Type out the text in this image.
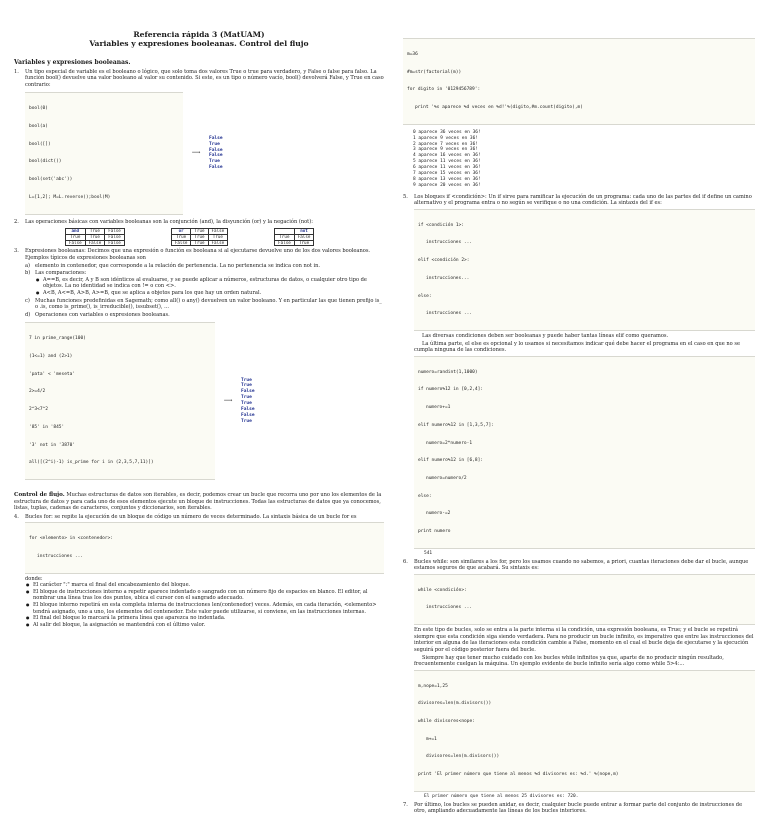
Referencia rápida 3 (MatUAM)
Variables y expresiones booleanas. Control del flujo
Variables y expresiones booleanas.
1. Un tipo especial de variable es el booleano o lógico, que solo toma dos valores True o true para verdadero, y False o false para falso. La función bool() devuelve una valor booleano al valor su contenido. Si este, es un tipo o número vacío, bool() devolverá False, y True en caso contrario:

bool(0)

bool(a)

bool([])

bool(dict())

bool(set('abc'))

L=[1,2]; M=L.reverse();bool(M)

⟶
False
True
False
False
True
False
2. Las operaciones básicas con variables booleanas son la conjunción (and), la disyunción (or) y la negación (not):
and	True	False
True	True	False
False	False	False
or	True	False
True	True	True
False	True	False
	not
True	False
False	True
3. Expresiones booleanas: Decimos que una expresión o función es booleana si al ejecutarse devuelve uno de los dos valores booleanos. Ejemplos típicos de expresiones booleanas son
a) elemento in contenedor, que corresponde a la relación de pertenencia. La no pertenencia se indica con not in.
b) Las comparaciones:
● A==B, es decir, A y B son idénticos al evaluarse, y se puede aplicar a números, estructuras de datos, o cualquier otro tipo de objetos. La no identidad se indica con != o con <>.
● A<B, A<=B, A>B, A>=B, que se aplica a objetos para los que hay un orden natural.
c) Muchas funciones predefinidas en Sagemath; como all() o any() devuelven un valor booleano. Y en particular las que tienen prefijo is_ o .is, como is_prime(), is_irreducible(), issubset(), ...
d) Operaciones con variables o expresiones booleanas.

7 in prime_range(100)

(1<=1) and (2>1)

'pata' < 'meseta'

2>=4/2

2^3<7^2

'85' in '845'

'3' not in '3870'

all([(2^i)-1) is_prime for i in (2,3,5,7,11)])

⟶
True
True
False
True
True
False
False
True
Control de flujo. Muchas estructuras de datos son iterables, es decir, podemos crear un bucle que recorra uno por uno los elementos de la estructura de datos y para cada uno de esos elementos ejecute un bloque de instrucciones. Todas las estructuras de datos que ya conocemos, listas, tuplas, cadenas de caracteres, conjuntos y diccionarios, son iterables.
4. Bucles for: se repite la ejecución de un bloque de código un número de veces determinado. La sintaxis básica de un bucle for es

for <elemento> in <contenedor>:

instrucciones ...

donde:
● El carácter ":" marca el final del encabezamiento del bloque.
● El bloque de instrucciones interno a repetir aparece indentado o sangrado con un número fijo de espacios en blanco. El editor, al nombrar una línea tras los dos puntos, ubica el cursor con el sangrado adecuado.
● El bloque interno repetirá en esta completa interna de instrucciones len(contenedor) veces. Además, en cada iteración, <elemento> tendrá asignado, uno a uno, los elementos del contenedor. Este valor puede utilizarse, si conviene, en las instrucciones internas.
● El final del bloque lo marcará la primera línea que aparezca no indentada.
● Al salir del bloque, la asignación se mantendrá con el último valor.

m=36

#m=str(factorial(m))

for digito in '0129456789':

print '%s aparece %d veces en %d!'%(digito,#m.count(digito),m)

0 aparece 36 veces en 36!
1 aparece 9 veces en 36!
2 aparece 7 veces en 36!
3 aparece 9 veces en 36!
4 aparece 16 veces en 36!
5 aparece 11 veces en 36!
6 aparece 11 veces en 36!
7 aparece 15 veces en 36!
8 aparece 13 veces en 36!
9 aparece 20 veces en 36!
5. Los bloques if <condición>: Un if sirve para ramificar la ejecución de un programa: cada uno de las partes del if define un camino alternativo y el programa entra o no según se verifique o no una condición. La sintaxis del if es:

if <condición 1>:

instrucciones ...

elif <condición 2>:

instrucciones...

else:

instrucciones ...

Las diversas condiciones deben ser booleanas y puede haber tantas líneas elif como queramos.
La última parte, el else es opcional y lo usamos si necesitamos indicar qué debe hacer el programa en el caso en que no se cumpla ninguna de las condiciones.

numero=randint(1,1000)

if numero%12 in [0,2,4]:

numero+=1

elif numero%12 in [1,3,5,7]:

numero=2*numero-1

elif numero%12 in [6,8]:

numero=numero/2

else:

numero-=2

print numero

541
6. Bucles while: son similares a los for, pero los usamos cuando no sabemos, a priori, cuantas iteraciones debe dar el bucle, aunque estamos seguros de que acabará. Su sintaxis es:

while <condición>:

instrucciones ...

En este tipo de bucles, solo se entra a la parte interna si la condición, una expresión booleana, es True; y el bucle se repetirá siempre que esta condición siga siendo verdadera. Para no producir un bucle infinito, es imperativo que entre las instrucciones del interior en alguna de las iteraciones esta condición cambie a False, momento en el cual el bucle deja de ejecutarse y la ejecución seguirá por el código posterior fuera del bucle.
Siempre hay que tener mucho cuidado con los bucles while infinitos ya que, aparte de no producir ningún resultado, frecuentemente cuelgan la máquina. Un ejemplo evidente de bucle infinito sería algo como while 5>4:...

m,nope=1,25

divisores=len(m.divisors())

while divisores<nope:

m+=1

divisores=len(m.divisors())

print 'El primer número que tiene al menos %d divisores es: %d.' %(nope,m)

El primer número que tiene al menos 25 divisores es: 720.
7. Por último, los bucles se pueden anidar, es decir, cualquier bucle puede entrar a formar parte del conjunto de instrucciones de otro, ampliando adecuadamente las líneas de los bucles interiores.
